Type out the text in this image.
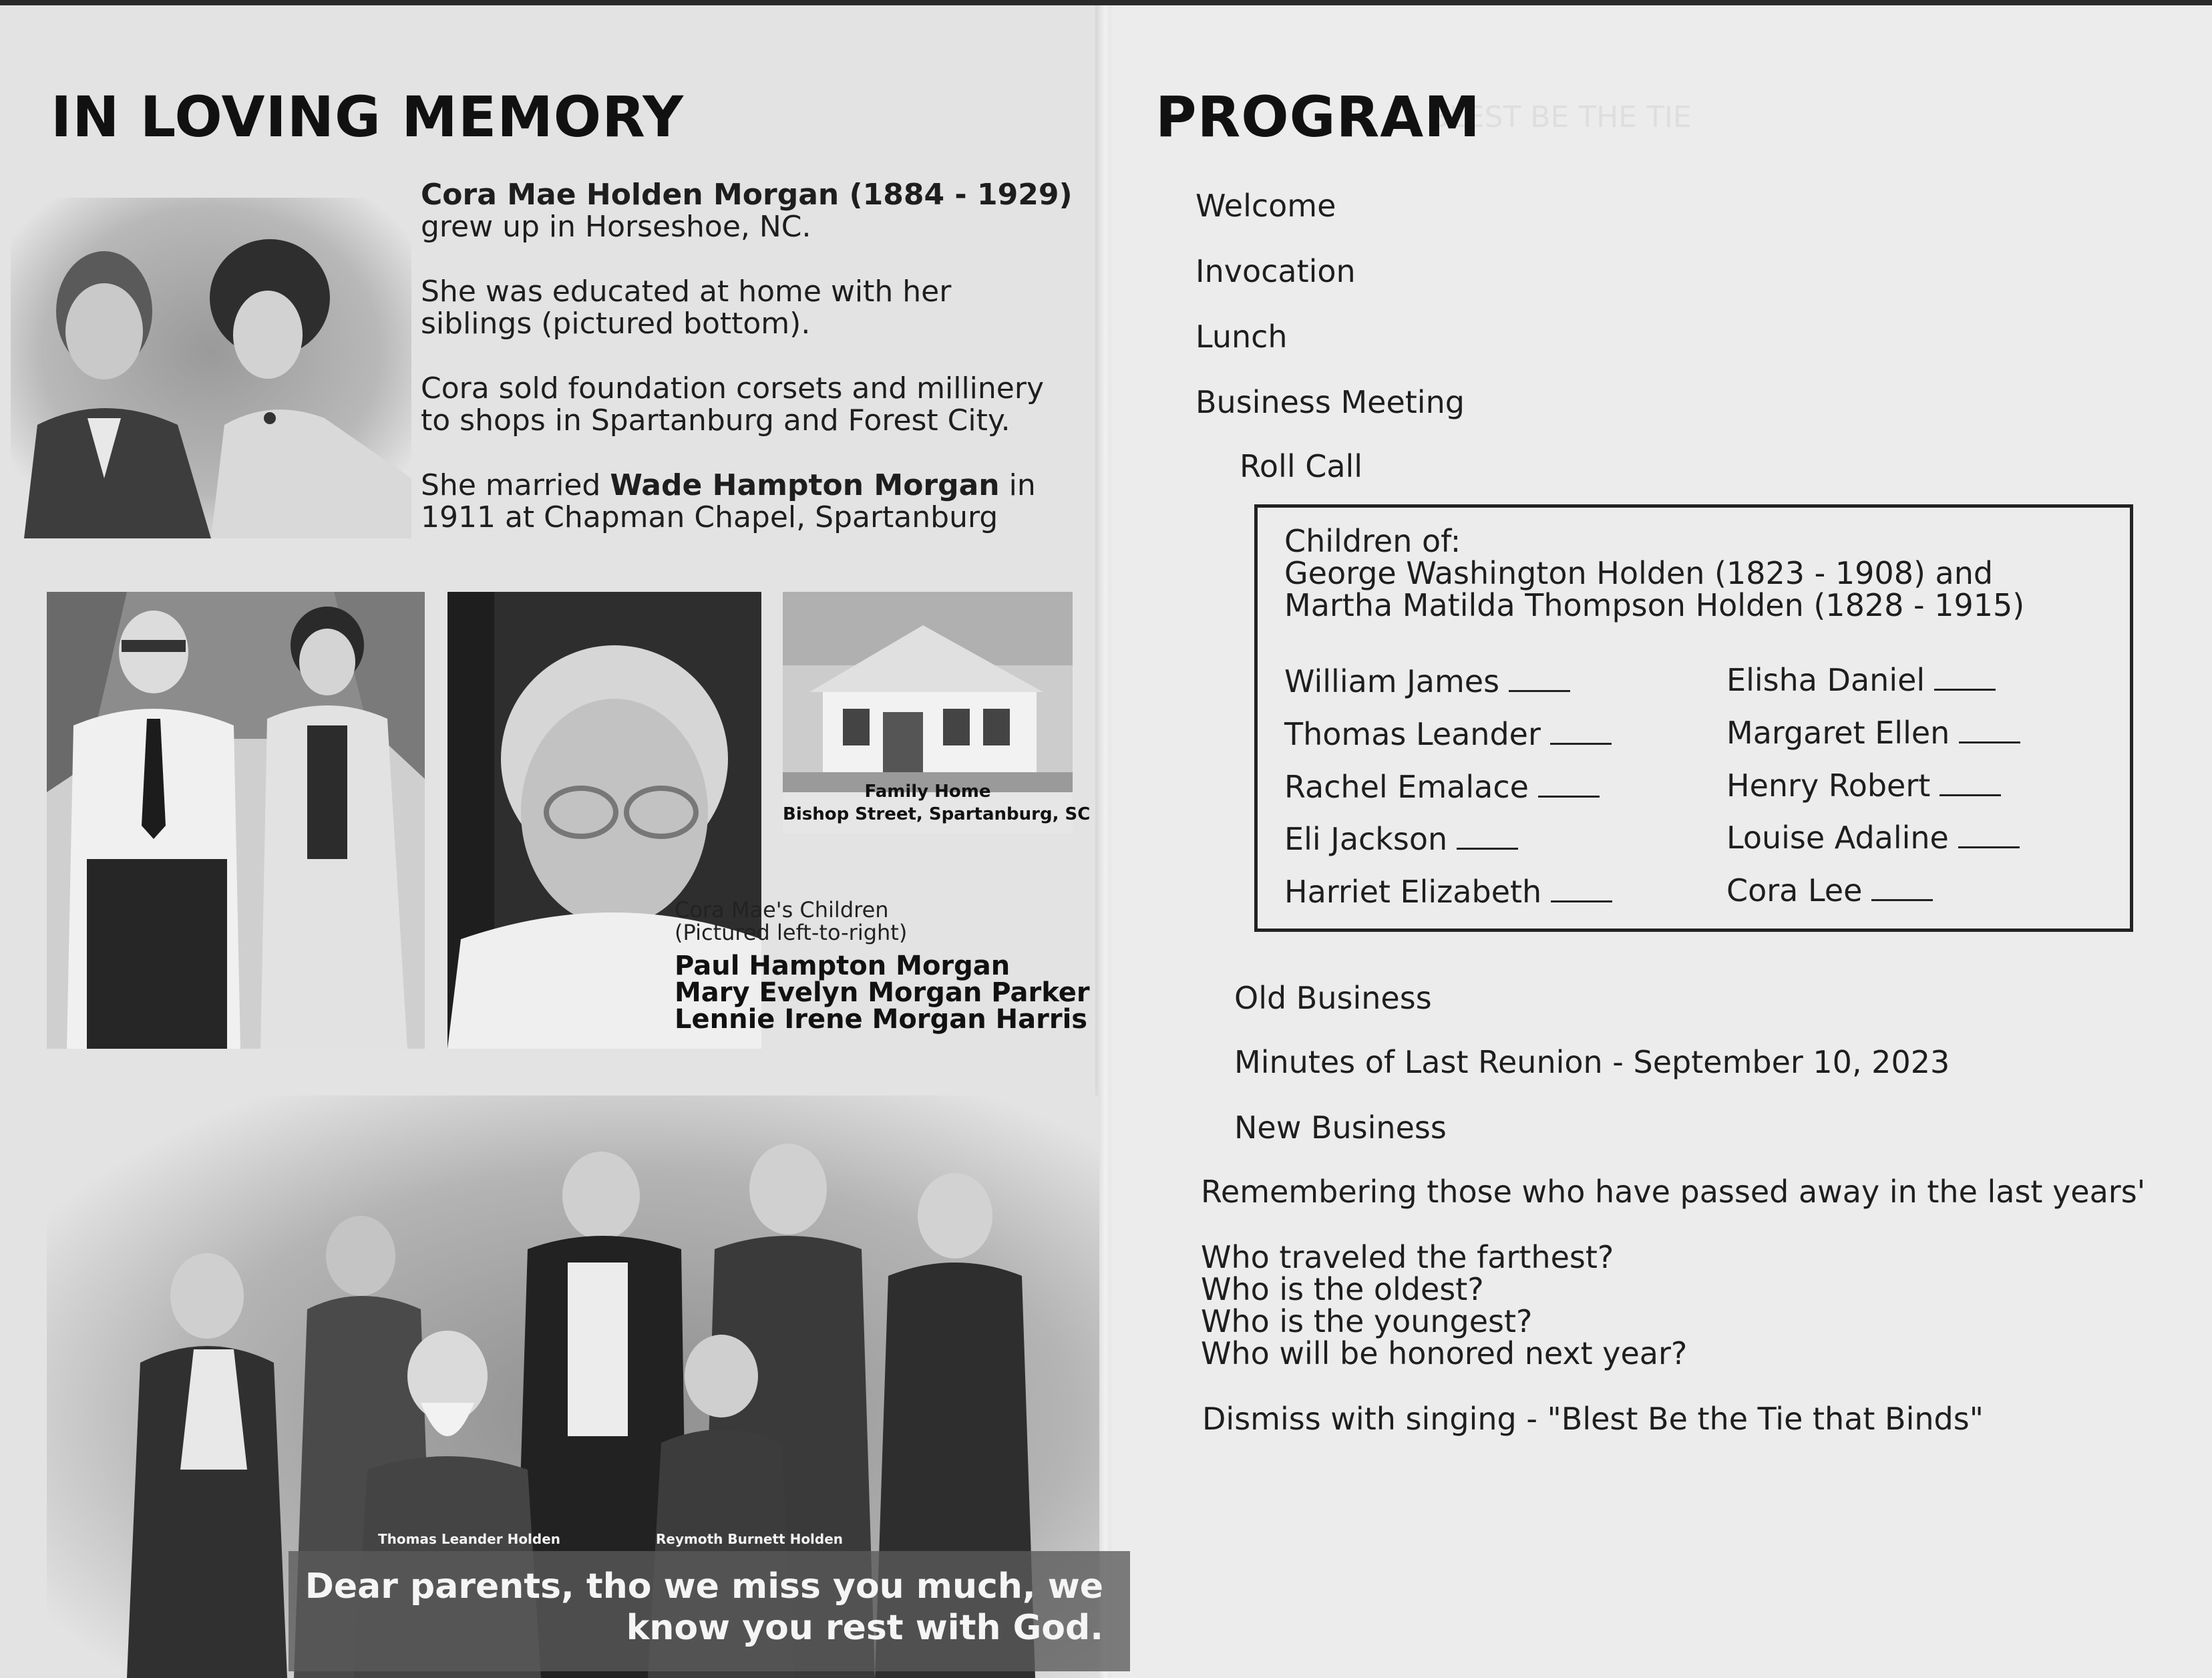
IN LOVING MEMORY
Cora Mae Holden Morgan (1884 - 1929)
grew up in Horseshoe, NC.
She was educated at home with her
siblings (pictured bottom).
Cora sold foundation corsets and millinery
to shops in Spartanburg and Forest City.
She married Wade Hampton Morgan in
1911 at Chapman Chapel, Spartanburg
Family Home
Bishop Street, Spartanburg, SC
Cora Mae's Children
(Pictured left-to-right)
Paul Hampton Morgan
Mary Evelyn Morgan Parker
Lennie Irene Morgan Harris
Thomas Leander Holden	Reymoth Burnett Holden
Dear parents, tho we miss you much, we
know you rest with God.
BLEST BE THE TIE
PROGRAM
Welcome
Invocation
Lunch
Business Meeting
Roll Call
Children of:
George Washington Holden (1823 - 1908) and
Martha Matilda Thompson Holden (1828 - 1915)
William James
Thomas Leander
Rachel Emalace
Eli Jackson
Harriet Elizabeth
Elisha Daniel
Margaret Ellen
Henry Robert
Louise Adaline
Cora Lee
Old Business
Minutes of Last Reunion - September 10, 2023
New Business
Remembering those who have passed away in the last years'
Who traveled the farthest?
Who is the oldest?
Who is the youngest?
Who will be honored next year?
Dismiss with singing - "Blest Be the Tie that Binds"
